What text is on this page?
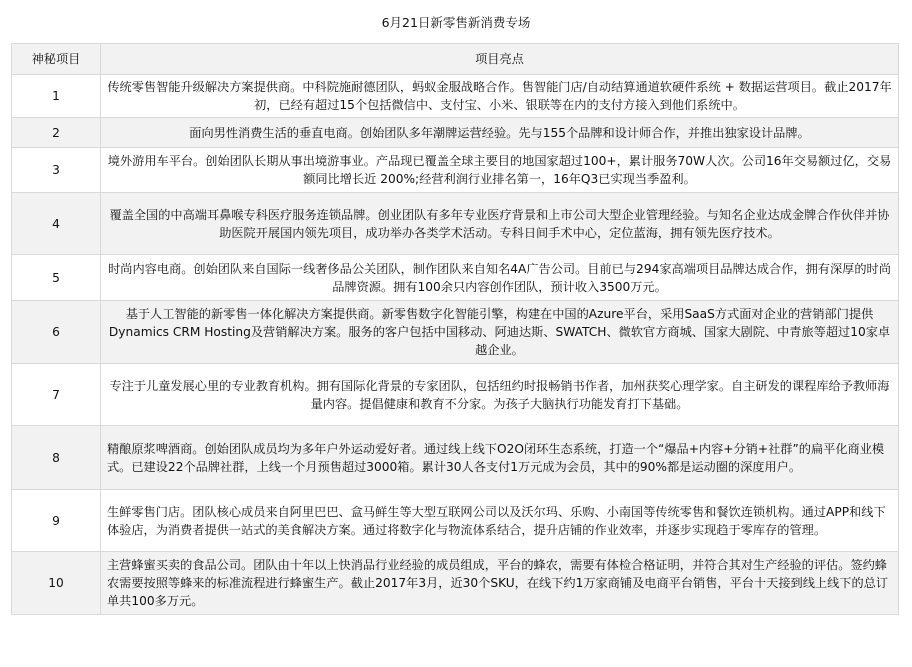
6月21日新零售新消费专场
神秘项目	项目亮点
1	传统零售智能升级解决方案提供商。中科院施耐德团队，蚂蚁金服战略合作。售智能门店/自动结算通道软硬件系统 + 数据运营项目。截止2017年初，已经有超过15个包括微信中、支付宝、小米、银联等在内的支付方接入到他们系统中。
2	面向男性消费生活的垂直电商。创始团队多年潮牌运营经验。先与155个品牌和设计师合作，并推出独家设计品牌。
3	境外游用车平台。创始团队长期从事出境游事业。产品现已覆盖全球主要目的地国家超过100+，累计服务70W人次。公司16年交易额过亿，交易额同比增长近 200%;经营利润行业排名第一，16年Q3已实现当季盈利。
4	覆盖全国的中高端耳鼻喉专科医疗服务连锁品牌。创业团队有多年专业医疗背景和上市公司大型企业管理经验。与知名企业达成金牌合作伙伴并协助医院开展国内领先项目，成功举办各类学术活动。专科日间手术中心，定位蓝海，拥有领先医疗技术。
5	时尚内容电商。创始团队来自国际一线奢侈品公关团队，制作团队来自知名4A广告公司。目前已与294家高端项目品牌达成合作，拥有深厚的时尚品牌资源。拥有100余只内容创作团队，预计收入3500万元。
6	基于人工智能的新零售一体化解决方案提供商。新零售数字化智能引擎，构建在中国的Azure平台，采用SaaS方式面对企业的营销部门提供Dynamics CRM Hosting及营销解决方案。服务的客户包括中国移动、阿迪达斯、SWATCH、微软官方商城、国家大剧院、中青旅等超过10家卓越企业。
7	专注于儿童发展心里的专业教育机构。拥有国际化背景的专家团队，包括纽约时报畅销书作者，加州获奖心理学家。自主研发的课程库给予教师海量内容。提倡健康和教育不分家。为孩子大脑执行功能发育打下基础。
8	精酿原浆啤酒商。创始团队成员均为多年户外运动爱好者。通过线上线下O2O闭环生态系统，打造一个“爆品+内容+分销+社群”的扁平化商业模式。已建设22个品牌社群，上线一个月预售超过3000箱。累计30人各支付1万元成为会员，其中的90%都是运动圈的深度用户。
9	生鲜零售门店。团队核心成员来自阿里巴巴、盒马鲜生等大型互联网公司以及沃尔玛、乐购、小南国等传统零售和餐饮连锁机构。通过APP和线下体验店，为消费者提供一站式的美食解决方案。通过将数字化与物流体系结合，提升店铺的作业效率，并逐步实现趋于零库存的管理。
10	主营蜂蜜买卖的食品公司。团队由十年以上快消品行业经验的成员组成，平台的蜂农，需要有体检合格证明，并符合其对生产经验的评估。签约蜂农需要按照等蜂来的标准流程进行蜂蜜生产。截止2017年3月，近30个SKU，在线下约1万家商铺及电商平台销售，平台十天接到线上线下的总订单共100多万元。
